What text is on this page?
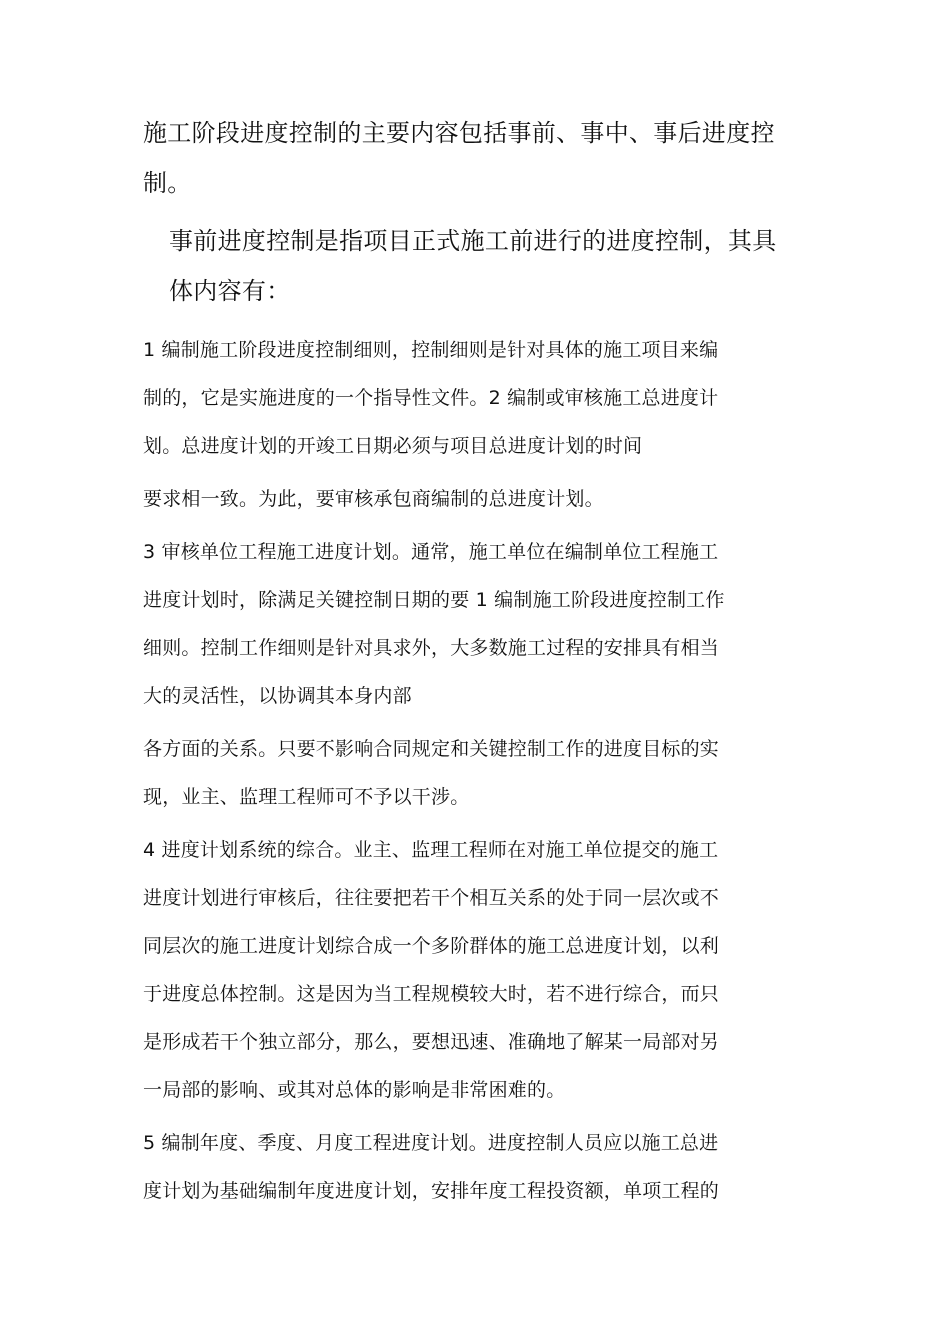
施工阶段进度控制的主要内容包括事前、事中、事后进度控
制。

事前进度控制是指项目正式施工前进行的进度控制，其具
体内容有：

1 编制施工阶段进度控制细则，控制细则是针对具体的施工项目来编
制的，它是实施进度的一个指导性文件。2 编制或审核施工总进度计
划。总进度计划的开竣工日期必须与项目总进度计划的时间

要求相一致。为此，要审核承包商编制的总进度计划。

3 审核单位工程施工进度计划。通常，施工单位在编制单位工程施工
进度计划时，除满足关键控制日期的要 1 编制施工阶段进度控制工作
细则。控制工作细则是针对具求外，大多数施工过程的安排具有相当
大的灵活性，以协调其本身内部

各方面的关系。只要不影响合同规定和关键控制工作的进度目标的实
现，业主、监理工程师可不予以干涉。

4 进度计划系统的综合。业主、监理工程师在对施工单位提交的施工
进度计划进行审核后，往往要把若干个相互关系的处于同一层次或不
同层次的施工进度计划综合成一个多阶群体的施工总进度计划，以利
于进度总体控制。这是因为当工程规模较大时，若不进行综合，而只
是形成若干个独立部分，那么，要想迅速、准确地了解某一局部对另
一局部的影响、或其对总体的影响是非常困难的。

5 编制年度、季度、月度工程进度计划。进度控制人员应以施工总进
度计划为基础编制年度进度计划，安排年度工程投资额，单项工程的
